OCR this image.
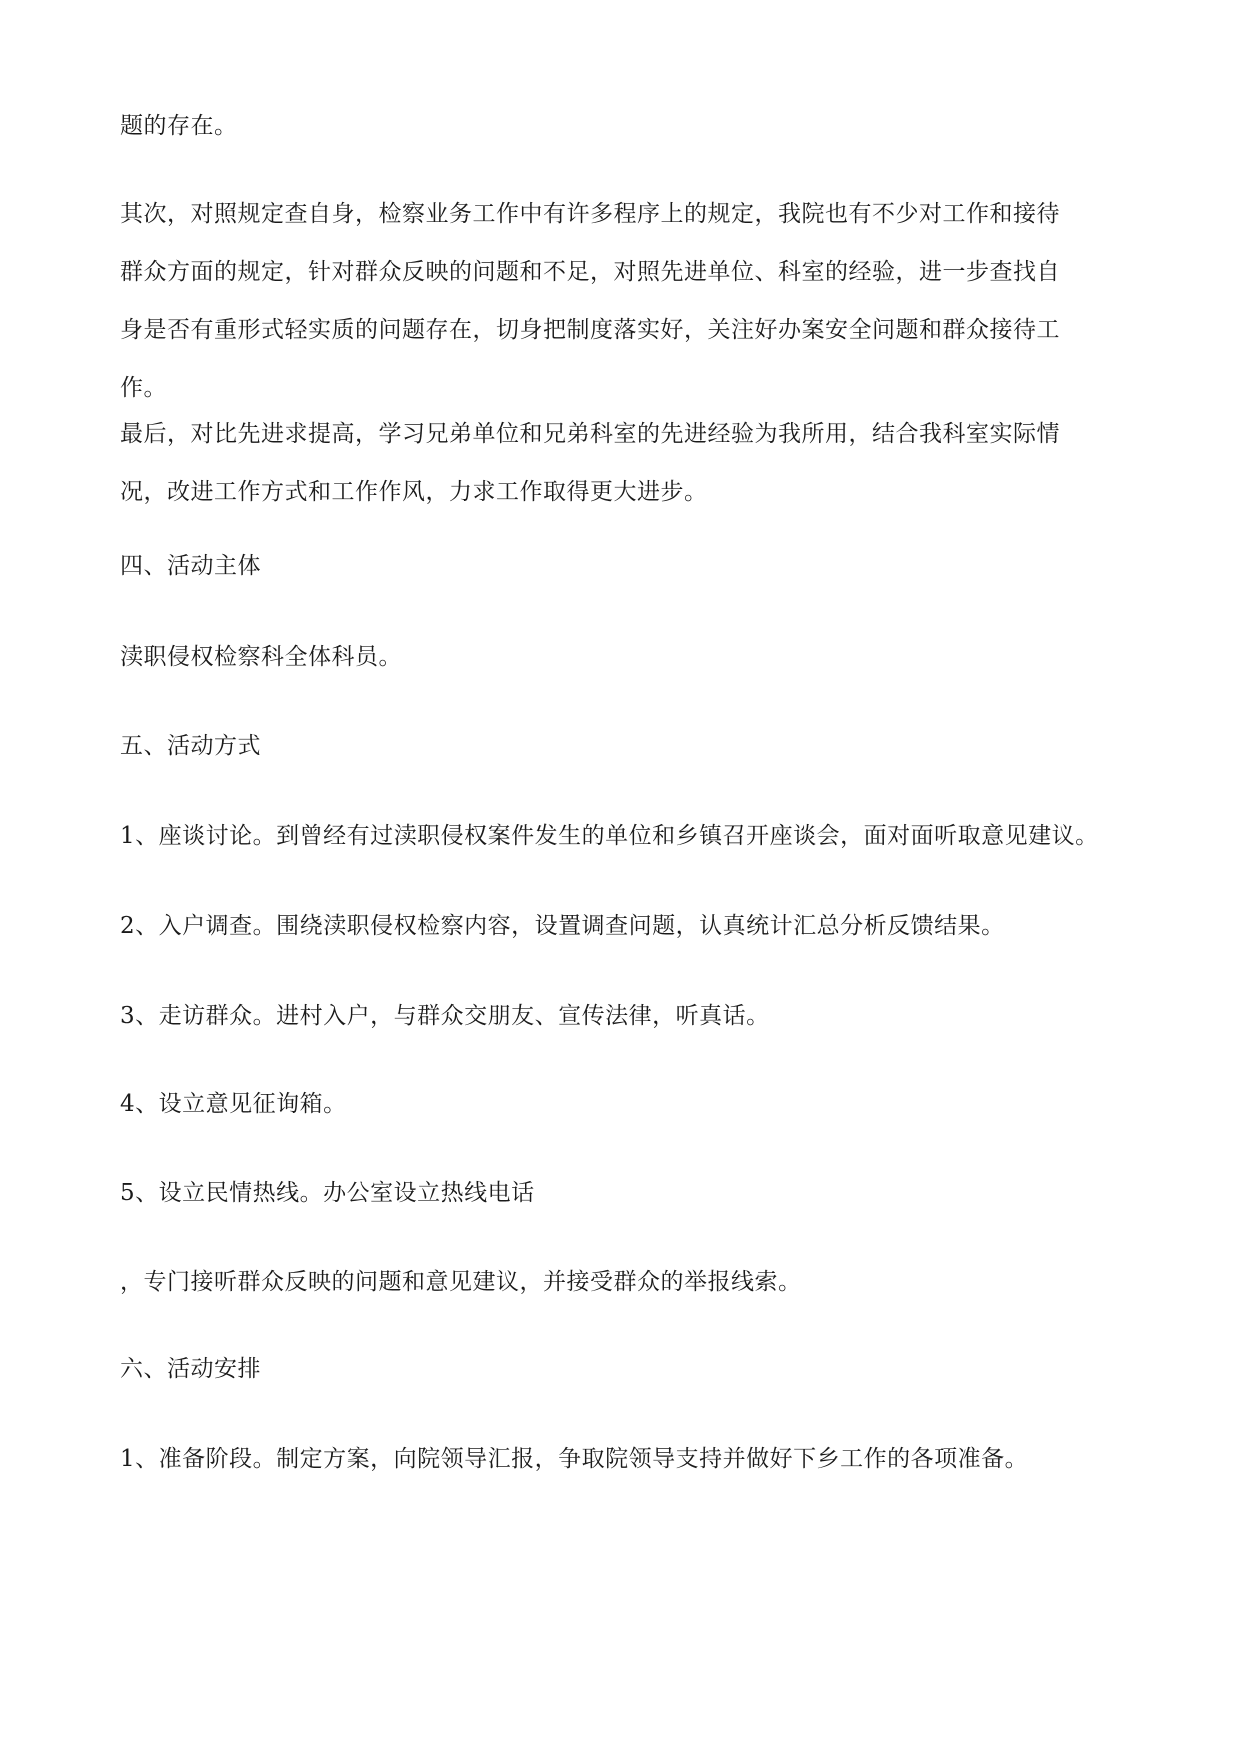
题的存在。

其次，对照规定查自身，检察业务工作中有许多程序上的规定，我院也有不少对工作和接待
群众方面的规定，针对群众反映的问题和不足，对照先进单位、科室的经验，进一步查找自
身是否有重形式轻实质的问题存在，切身把制度落实好，关注好办案安全问题和群众接待工
作。

最后，对比先进求提高，学习兄弟单位和兄弟科室的先进经验为我所用，结合我科室实际情
况，改进工作方式和工作作风，力求工作取得更大进步。

四、活动主体

渎职侵权检察科全体科员。

五、活动方式

1、座谈讨论。到曾经有过渎职侵权案件发生的单位和乡镇召开座谈会，面对面听取意见建议。

2、入户调查。围绕渎职侵权检察内容，设置调查问题，认真统计汇总分析反馈结果。

3、走访群众。进村入户，与群众交朋友、宣传法律，听真话。

4、设立意见征询箱。

5、设立民情热线。办公室设立热线电话

，专门接听群众反映的问题和意见建议，并接受群众的举报线索。

六、活动安排

1、准备阶段。制定方案，向院领导汇报，争取院领导支持并做好下乡工作的各项准备。
